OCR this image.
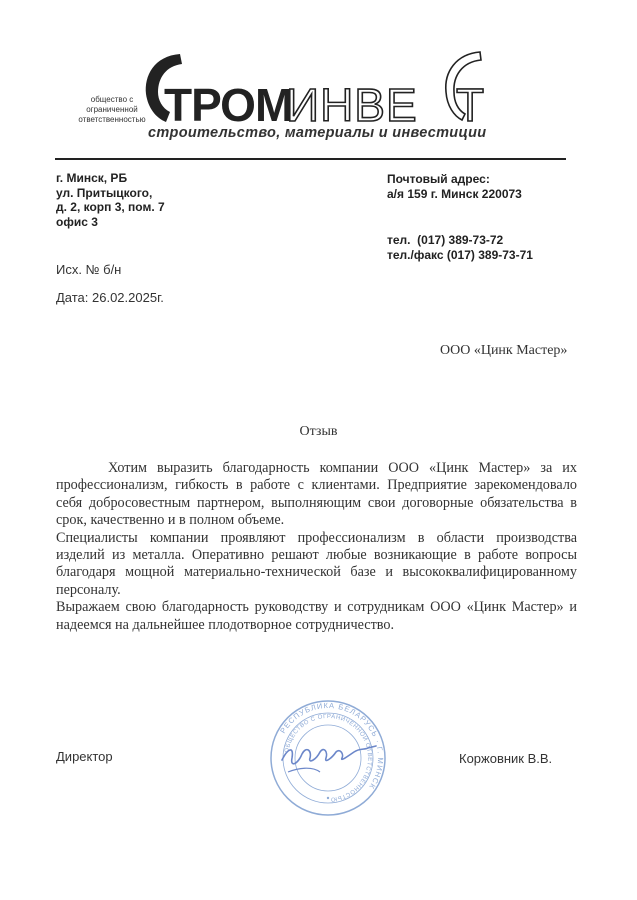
общество с
ограниченной
ответственностью ТРОМ
ИНВЕ Т
строительство, материалы и инвестиции
г. Минск, РБ
ул. Притыцкого,
д. 2, корп 3, пом. 7
офис 3
Почтовый адрес:
а/я 159 г. Минск 220073
тел.  (017) 389-73-72
тел./факс (017) 389-73-71
Исх. № б/н
Дата: 26.02.2025г.
ООО «Цинк Мастер»
Отзыв

Хотим выразить благодарность компании ООО «Цинк Мастер» за их профессионализм, гибкость в работе с клиентами. Предприятие зарекомендовало себя добросовестным партнером, выполняющим свои договорные обязательства в срок, качественно и в полном объеме.

Специалисты компании проявляют профессионализм в области производства изделий из металла. Оперативно решают любые возникающие в работе вопросы благодаря мощной материально-технической базе и высококвалифицированному персоналу.

Выражаем свою благодарность руководству и сотрудникам ООО «Цинк Мастер» и надеемся на дальнейшее плодотворное сотрудничество.

РЕСПУБЛИКА БЕЛАРУСЬ · Г. МИНСК
ОБЩЕСТВО С ОГРАНИЧЕННОЙ ОТВЕТСТВЕННОСТЬЮ
Директор	Коржовник В.В.
